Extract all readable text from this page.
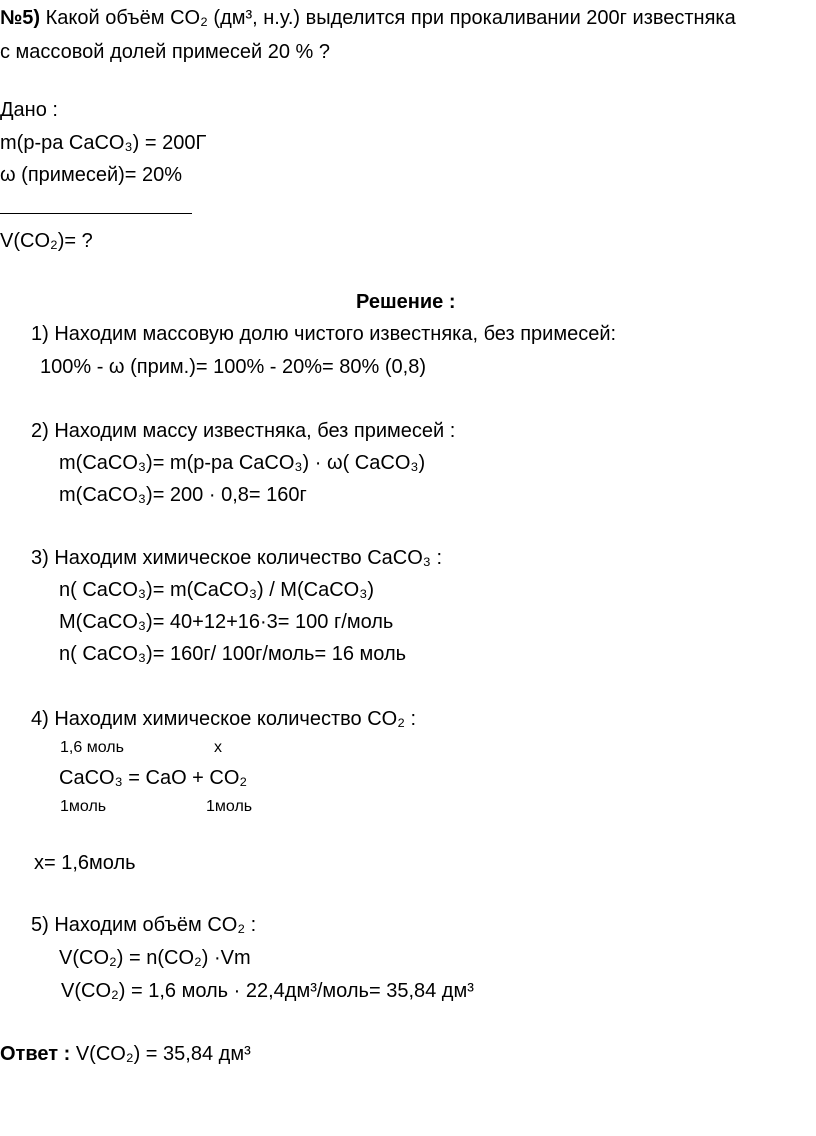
№5) Какой объём CO₂ (дм³, н.у.) выделится при прокаливании 200г известняка
с массовой долей примесей 20 % ?
Дано :
m(р-ра CaCO₃) = 200Г
ω (примесей)= 20%
V(CO₂)= ?
Решение :
1) Находим массовую долю чистого известняка, без примесей:
100% - ω (прим.)= 100% - 20%= 80% (0,8)
2) Находим массу известняка, без примесей :
m(CaCO₃)= m(р-ра CaCO₃) · ω( CaCO₃)
m(CaCO₃)= 200 · 0,8= 160г
3) Находим химическое количество CaCO₃ :
n( CaCO₃)= m(CaCO₃) / M(CaCO₃)
M(CaCO₃)= 40+12+16·3= 100 г/моль
n( CaCO₃)= 160г/ 100г/моль= 16 моль
4) Находим химическое количество CO₂ :
1,6 моль	x
CaCO₃ = CaO + CO₂
1моль	1моль
x= 1,6моль
5) Находим объём CO₂ :
V(CO₂) = n(CO₂) ·Vm
V(CO₂) = 1,6 моль · 22,4дм³/моль= 35,84 дм³
Ответ : V(CO₂) = 35,84 дм³
